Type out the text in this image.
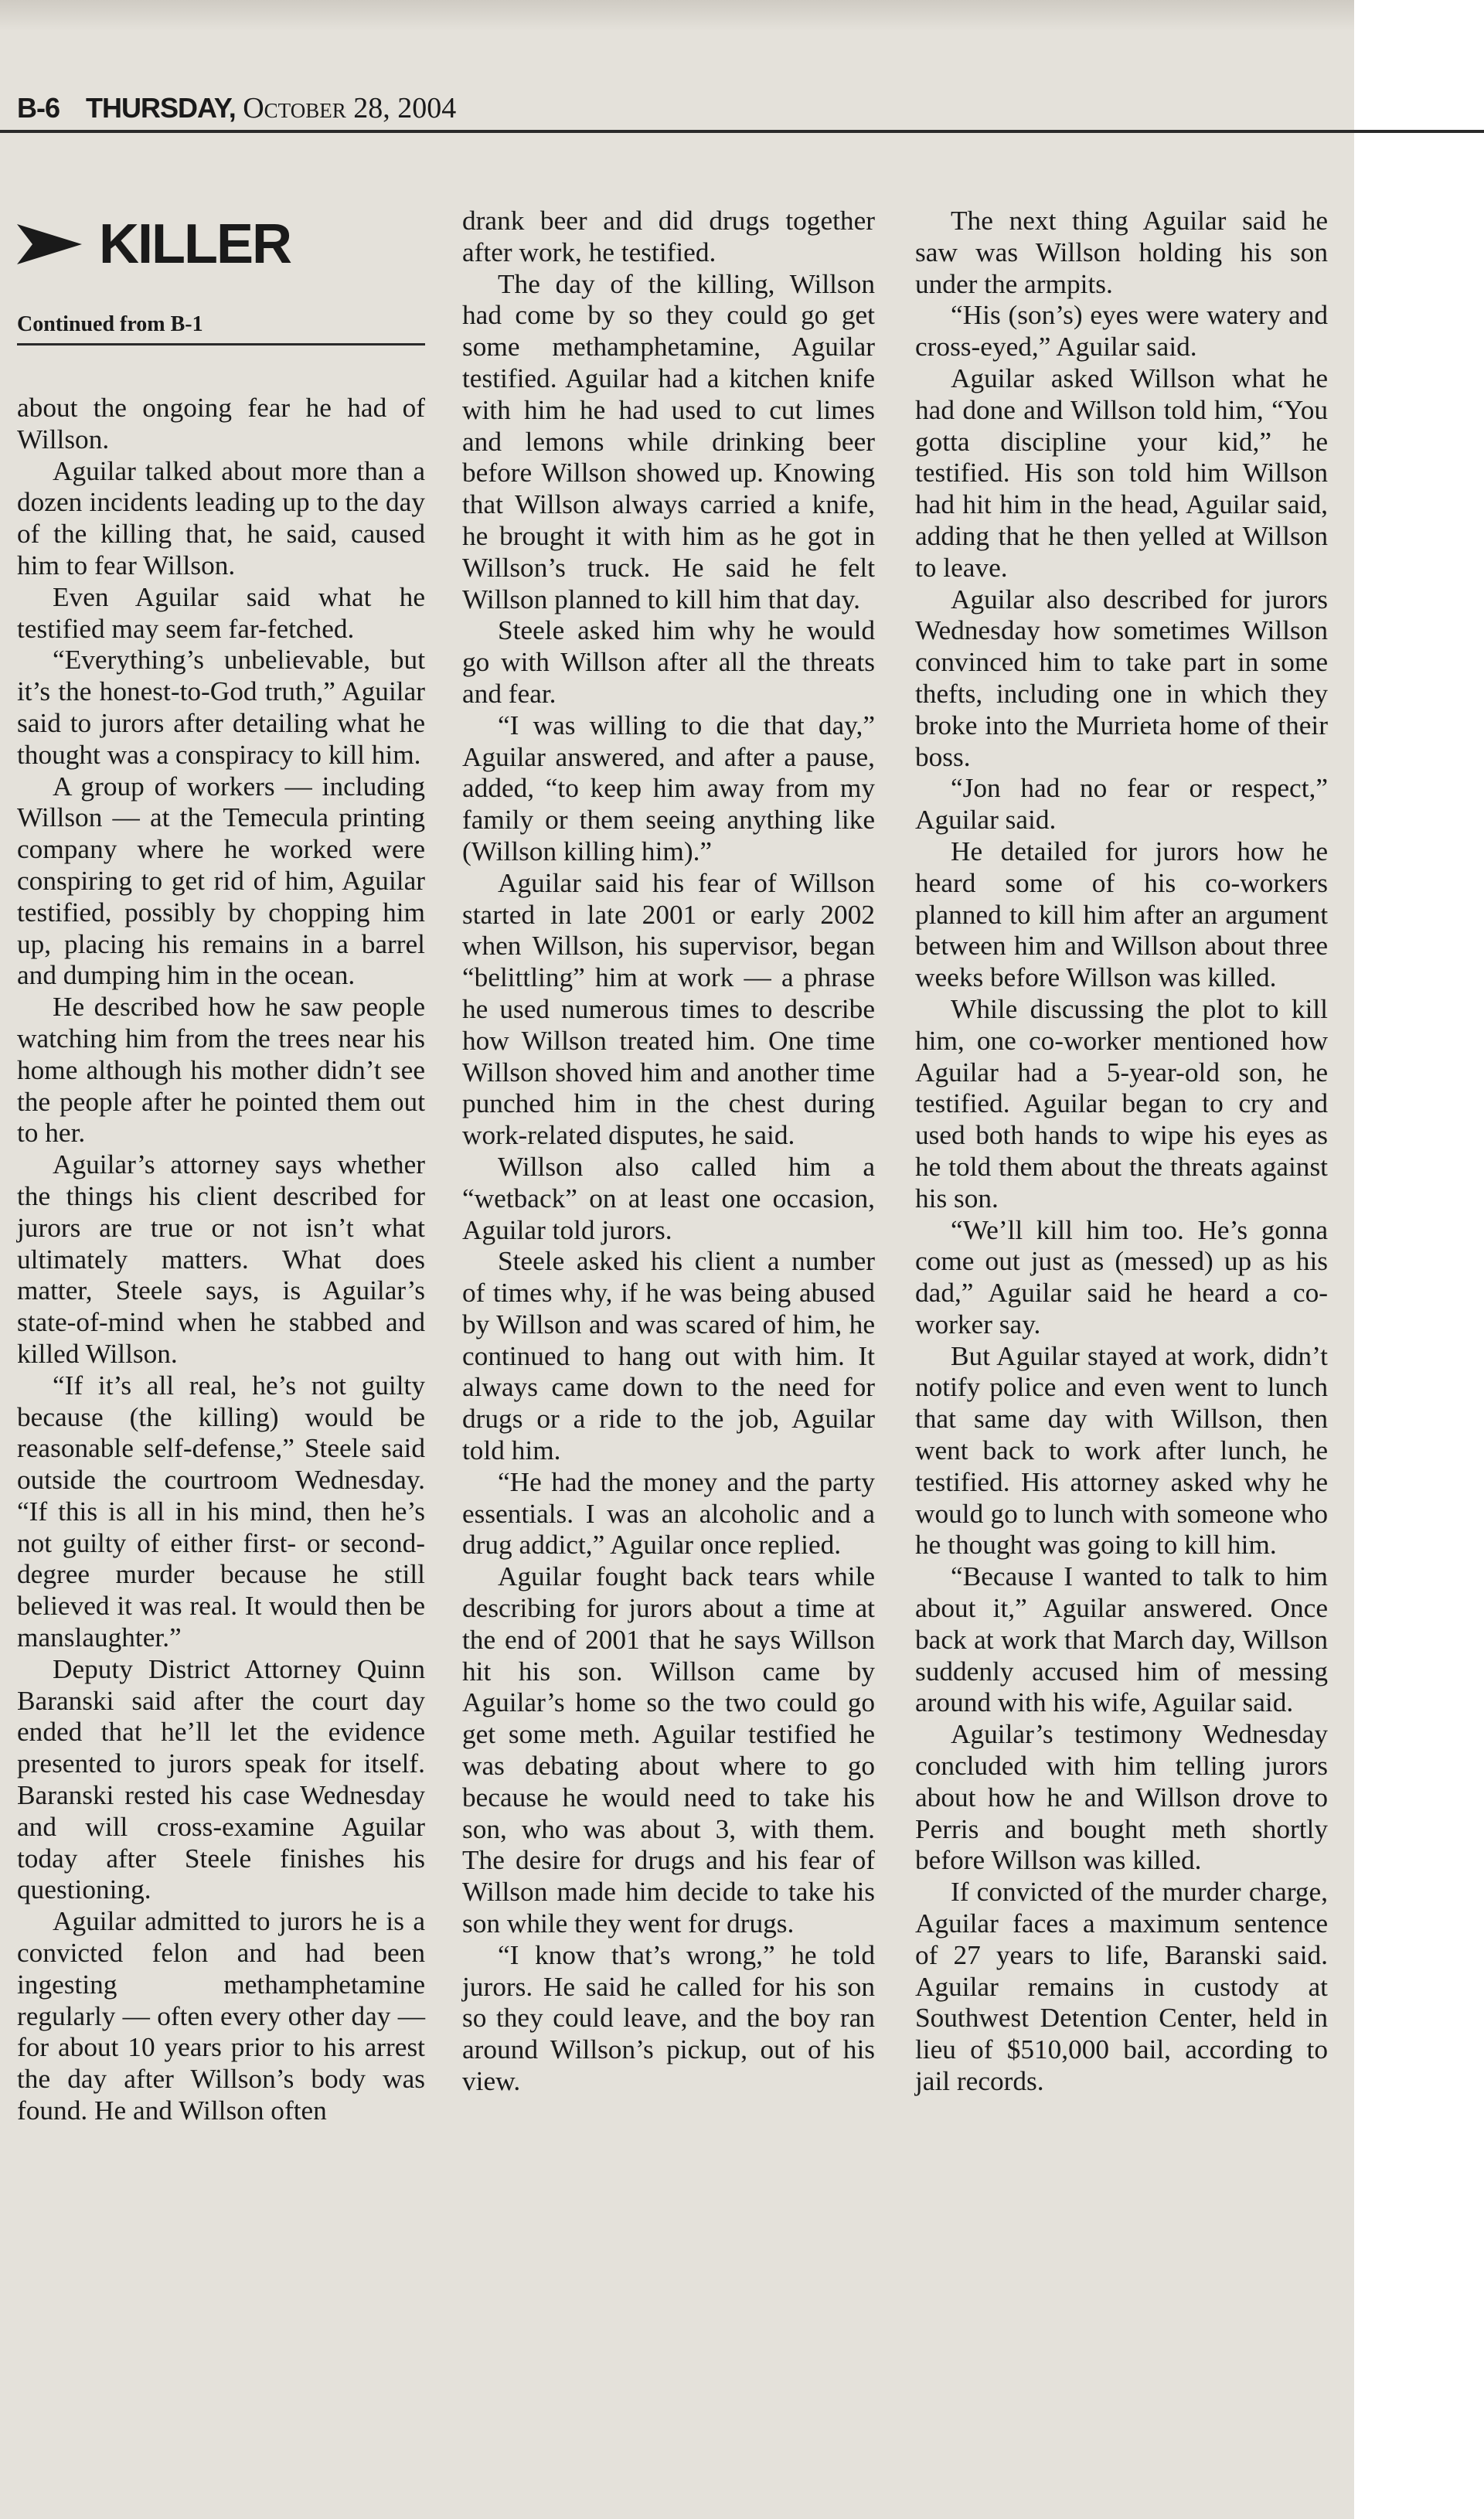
B-6 THURSDAY, October 28, 2004
KILLER
Continued from B-1

about the ongoing fear he had of Willson.

Aguilar talked about more than a dozen incidents leading up to the day of the killing that, he said, caused him to fear Willson.

Even Aguilar said what he testified may seem far-fetched.

“Everything’s unbelievable, but it’s the honest-to-God truth,” Aguilar said to jurors after detailing what he thought was a conspiracy to kill him.

A group of workers — including Willson — at the Temecula printing company where he worked were conspiring to get rid of him, Aguilar testified, possibly by chopping him up, placing his remains in a barrel and dumping him in the ocean.

He described how he saw people watching him from the trees near his home although his mother didn’t see the people after he pointed them out to her.

Aguilar’s attorney says whether the things his client described for jurors are true or not isn’t what ultimately matters. What does matter, Steele says, is Aguilar’s state-of-mind when he stabbed and killed Willson.

“If it’s all real, he’s not guilty because (the killing) would be reasonable self-defense,” Steele said outside the courtroom Wednesday. “If this is all in his mind, then he’s not guilty of either first- or second-degree murder because he still believed it was real. It would then be manslaughter.”

Deputy District Attorney Quinn Baranski said after the court day ended that he’ll let the evidence presented to jurors speak for itself. Baranski rested his case Wednesday and will cross-examine Aguilar today after Steele finishes his questioning.

Aguilar admitted to jurors he is a convicted felon and had been ingesting methamphetamine regularly — often every other day — for about 10 years prior to his arrest the day after Willson’s body was found. He and Willson often

drank beer and did drugs together after work, he testified.

The day of the killing, Willson had come by so they could go get some methamphetamine, Aguilar testified. Aguilar had a kitchen knife with him he had used to cut limes and lemons while drinking beer before Willson showed up. Knowing that Willson always carried a knife, he brought it with him as he got in Willson’s truck. He said he felt Willson planned to kill him that day.

Steele asked him why he would go with Willson after all the threats and fear.

“I was willing to die that day,” Aguilar answered, and after a pause, added, “to keep him away from my family or them seeing anything like (Willson killing him).”

Aguilar said his fear of Willson started in late 2001 or early 2002 when Willson, his supervisor, began “belittling” him at work — a phrase he used numerous times to describe how Willson treated him. One time Willson shoved him and another time punched him in the chest during work-related disputes, he said.

Willson also called him a “wetback” on at least one occasion, Aguilar told jurors.

Steele asked his client a number of times why, if he was being abused by Willson and was scared of him, he continued to hang out with him. It always came down to the need for drugs or a ride to the job, Aguilar told him.

“He had the money and the party essentials. I was an alcoholic and a drug addict,” Aguilar once replied.

Aguilar fought back tears while describing for jurors about a time at the end of 2001 that he says Willson hit his son. Willson came by Aguilar’s home so the two could go get some meth. Aguilar testified he was debating about where to go because he would need to take his son, who was about 3, with them. The desire for drugs and his fear of Willson made him decide to take his son while they went for drugs.

“I know that’s wrong,” he told jurors. He said he called for his son so they could leave, and the boy ran around Willson’s pickup, out of his view.

The next thing Aguilar said he saw was Willson holding his son under the armpits.

“His (son’s) eyes were watery and cross-eyed,” Aguilar said.

Aguilar asked Willson what he had done and Willson told him, “You gotta discipline your kid,” he testified. His son told him Willson had hit him in the head, Aguilar said, adding that he then yelled at Willson to leave.

Aguilar also described for jurors Wednesday how sometimes Willson convinced him to take part in some thefts, including one in which they broke into the Murrieta home of their boss.

“Jon had no fear or respect,” Aguilar said.

He detailed for jurors how he heard some of his co-workers planned to kill him after an argument between him and Willson about three weeks before Willson was killed.

While discussing the plot to kill him, one co-worker mentioned how Aguilar had a 5-year-old son, he testified. Aguilar began to cry and used both hands to wipe his eyes as he told them about the threats against his son.

“We’ll kill him too. He’s gonna come out just as (messed) up as his dad,” Aguilar said he heard a co-worker say.

But Aguilar stayed at work, didn’t notify police and even went to lunch that same day with Willson, then went back to work after lunch, he testified. His attorney asked why he would go to lunch with someone who he thought was going to kill him.

“Because I wanted to talk to him about it,” Aguilar answered. Once back at work that March day, Willson suddenly accused him of messing around with his wife, Aguilar said.

Aguilar’s testimony Wednesday concluded with him telling jurors about how he and Willson drove to Perris and bought meth shortly before Willson was killed.

If convicted of the murder charge, Aguilar faces a maximum sentence of 27 years to life, Baranski said. Aguilar remains in custody at Southwest Detention Center, held in lieu of $510,000 bail, according to jail records.
